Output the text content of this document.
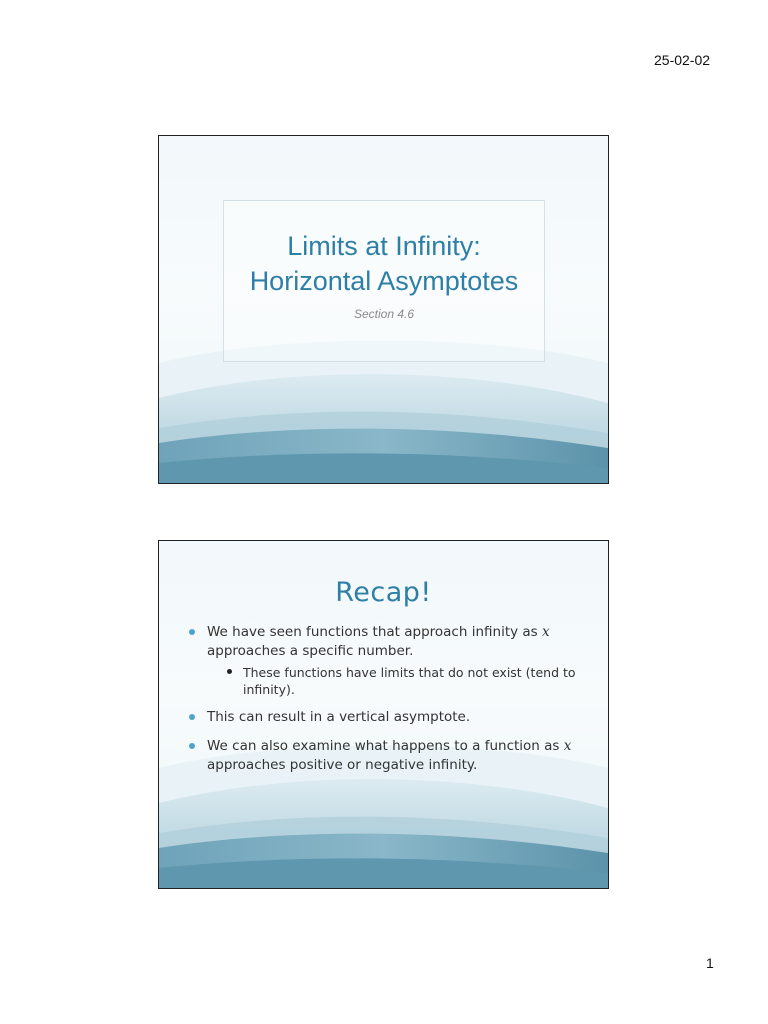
25-02-02
Limits at Infinity:
Horizontal Asymptotes
Section 4.6
Recap!
We have seen functions that approach infinity as x approaches a specific number.
These functions have limits that do not exist (tend to infinity).
This can result in a vertical asymptote.
We can also examine what happens to a function as x approaches positive or negative infinity.
1
